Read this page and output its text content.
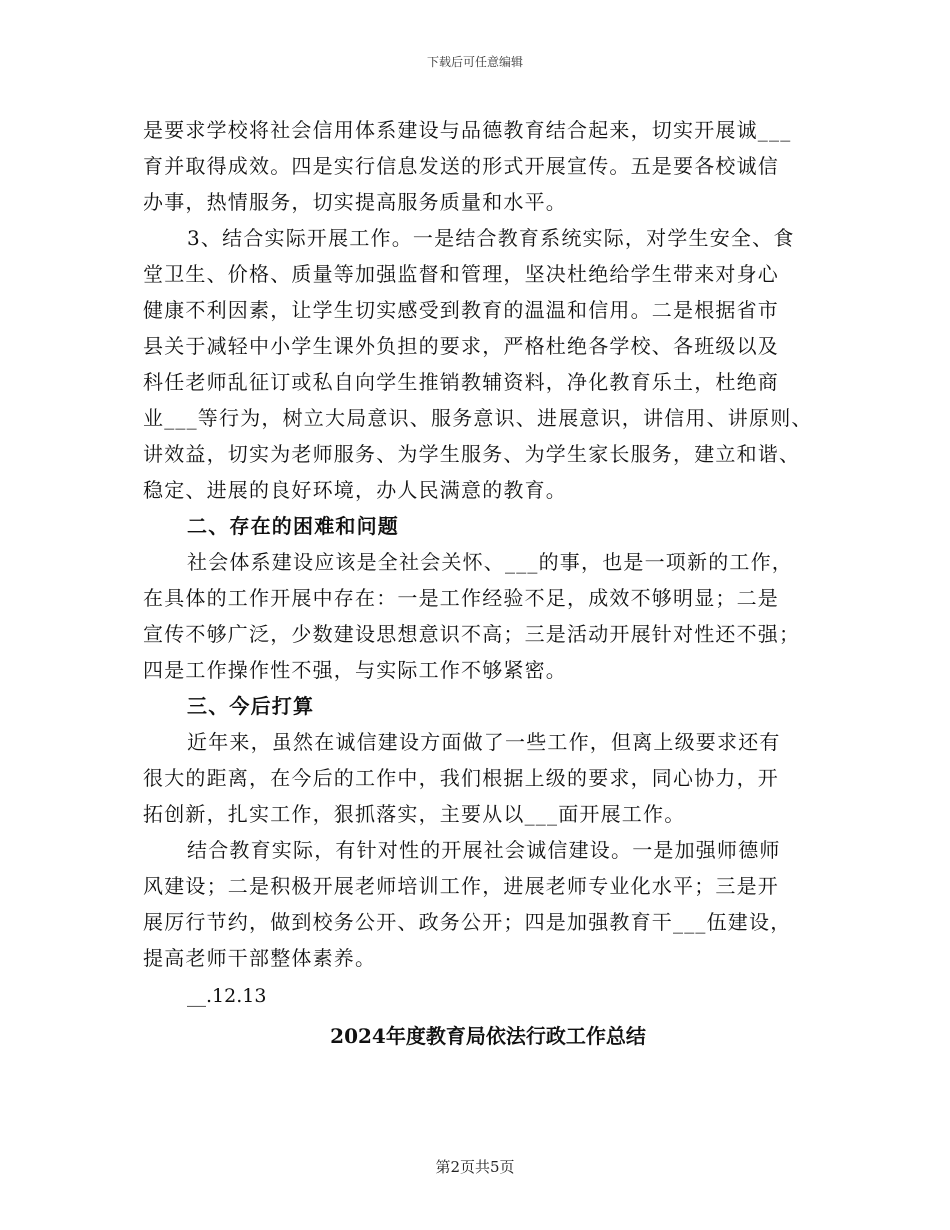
下载后可任意编辑
是要求学校将社会信用体系建设与品德教育结合起来，切实开展诚___
育并取得成效。四是实行信息发送的形式开展宣传。五是要各校诚信
办事，热情服务，切实提高服务质量和水平。
3、结合实际开展工作。一是结合教育系统实际，对学生安全、食
堂卫生、价格、质量等加强监督和管理，坚决杜绝给学生带来对身心
健康不利因素，让学生切实感受到教育的温温和信用。二是根据省市
县关于减轻中小学生课外负担的要求，严格杜绝各学校、各班级以及
科任老师乱征订或私自向学生推销教辅资料，净化教育乐土，杜绝商
业___等行为，树立大局意识、服务意识、进展意识，讲信用、讲原则、
讲效益，切实为老师服务、为学生服务、为学生家长服务，建立和谐、
稳定、进展的良好环境，办人民满意的教育。
二、存在的困难和问题
社会体系建设应该是全社会关怀、___的事，也是一项新的工作，
在具体的工作开展中存在：一是工作经验不足，成效不够明显；二是
宣传不够广泛，少数建设思想意识不高；三是活动开展针对性还不强；
四是工作操作性不强，与实际工作不够紧密。
三、今后打算
近年来，虽然在诚信建设方面做了一些工作，但离上级要求还有
很大的距离，在今后的工作中，我们根据上级的要求，同心协力，开
拓创新，扎实工作，狠抓落实，主要从以___面开展工作。
结合教育实际，有针对性的开展社会诚信建设。一是加强师德师
风建设；二是积极开展老师培训工作，进展老师专业化水平；三是开
展厉行节约，做到校务公开、政务公开；四是加强教育干___伍建设，
提高老师干部整体素养。
__.12.13
2024年度教育局依法行政工作总结
第2页共5页
